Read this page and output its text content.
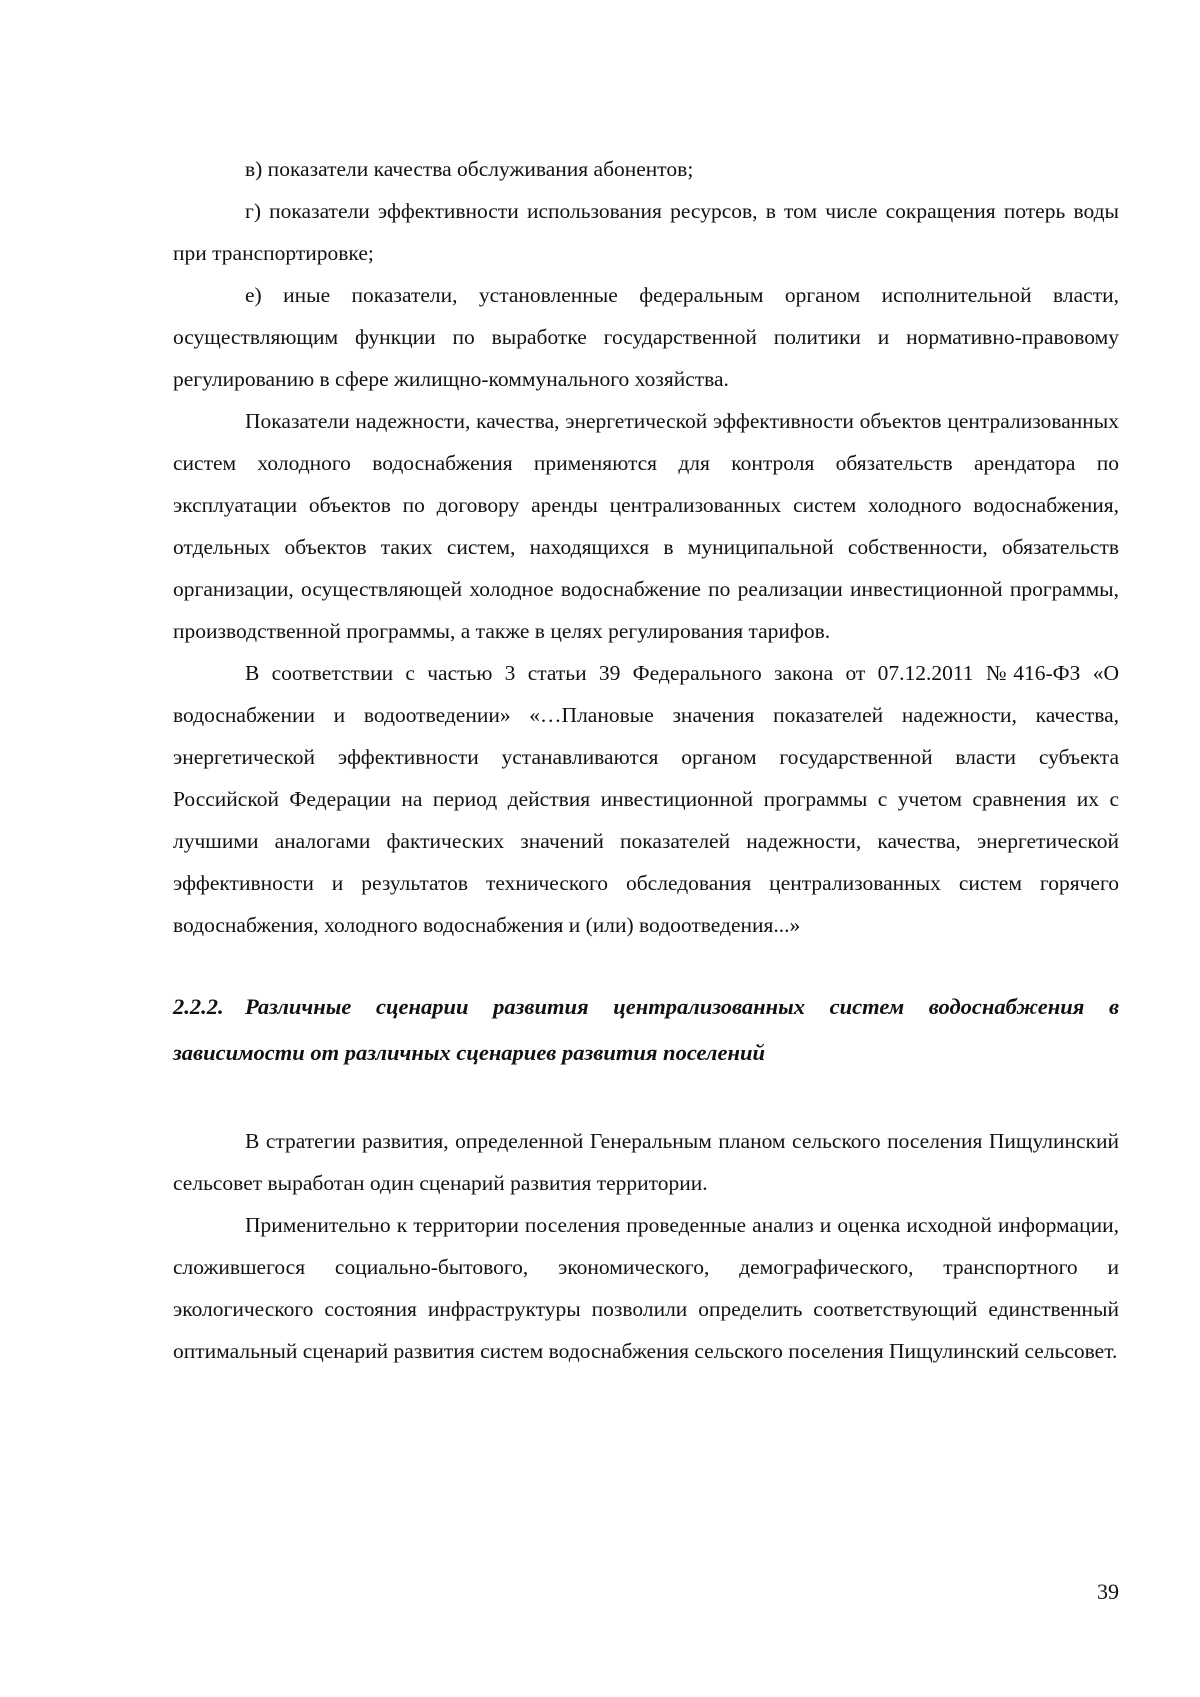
в) показатели качества обслуживания абонентов;

г) показатели эффективности использования ресурсов, в том числе сокращения потерь воды при транспортировке;

е) иные показатели, установленные федеральным органом исполнительной власти, осуществляющим функции по выработке государственной политики и нормативно-правовому регулированию в сфере жилищно-коммунального хозяйства.

Показатели надежности, качества, энергетической эффективности объектов централизованных систем холодного водоснабжения применяются для контроля обязательств арендатора по эксплуатации объектов по договору аренды централизованных систем холодного водоснабжения, отдельных объектов таких систем, находящихся в муниципальной собственности, обязательств организации, осуществляющей холодное водоснабжение по реализации инвестиционной программы, производственной программы, а также в целях регулирования тарифов.

В соответствии с частью 3 статьи 39 Федерального закона от 07.12.2011 №416-ФЗ «О водоснабжении и водоотведении» «…Плановые значения показателей надежности, качества, энергетической эффективности устанавливаются органом государственной власти субъекта Российской Федерации на период действия инвестиционной программы с учетом сравнения их с лучшими аналогами фактических значений показателей надежности, качества, энергетической эффективности и результатов технического обследования централизованных систем горячего водоснабжения, холодного водоснабжения и (или) водоотведения...»

2.2.2. Различные сценарии развития централизованных систем водоснабжения в зависимости от различных сценариев развития поселений

В стратегии развития, определенной Генеральным планом сельского поселения Пищулинский сельсовет выработан один сценарий развития территории.

Применительно к территории поселения проведенные анализ и оценка исходной информации, сложившегося социально-бытового, экономического, демографического, транспортного и экологического состояния инфраструктуры позволили определить соответствующий единственный оптимальный сценарий развития систем водоснабжения сельского поселения Пищулинский сельсовет.

39
